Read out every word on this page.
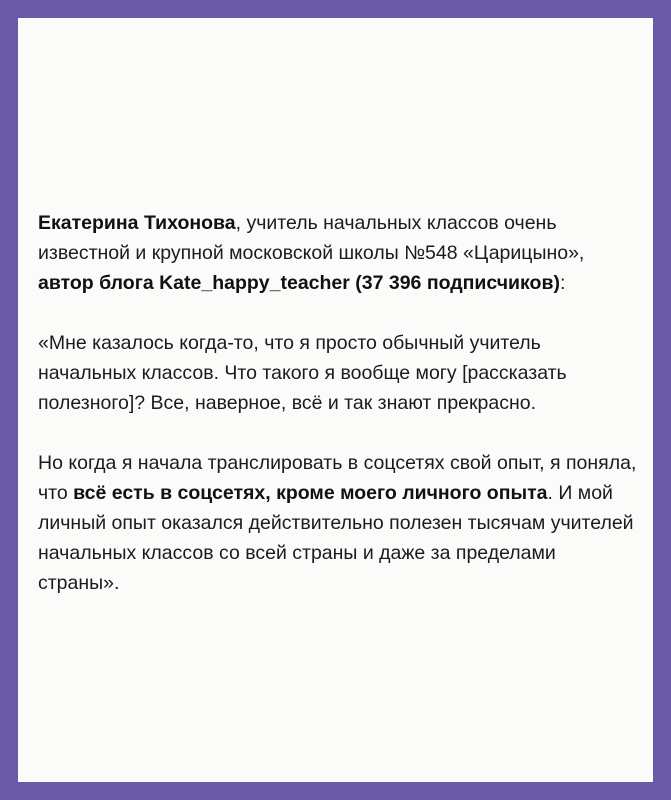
Екатерина Тихонова, учитель начальных классов очень известной и крупной московской школы №548 «Царицыно», автор блога Kate_happy_teacher (37 396 подписчиков):

«Мне казалось когда-то, что я просто обычный учитель начальных классов. Что такого я вообще могу [рассказать полезного]? Все, наверное, всё и так знают прекрасно.

Но когда я начала транслировать в соцсетях свой опыт, я поняла, что всё есть в соцсетях, кроме моего личного опыта. И мой личный опыт оказался действительно полезен тысячам учителей начальных классов со всей страны и даже за пределами страны».
